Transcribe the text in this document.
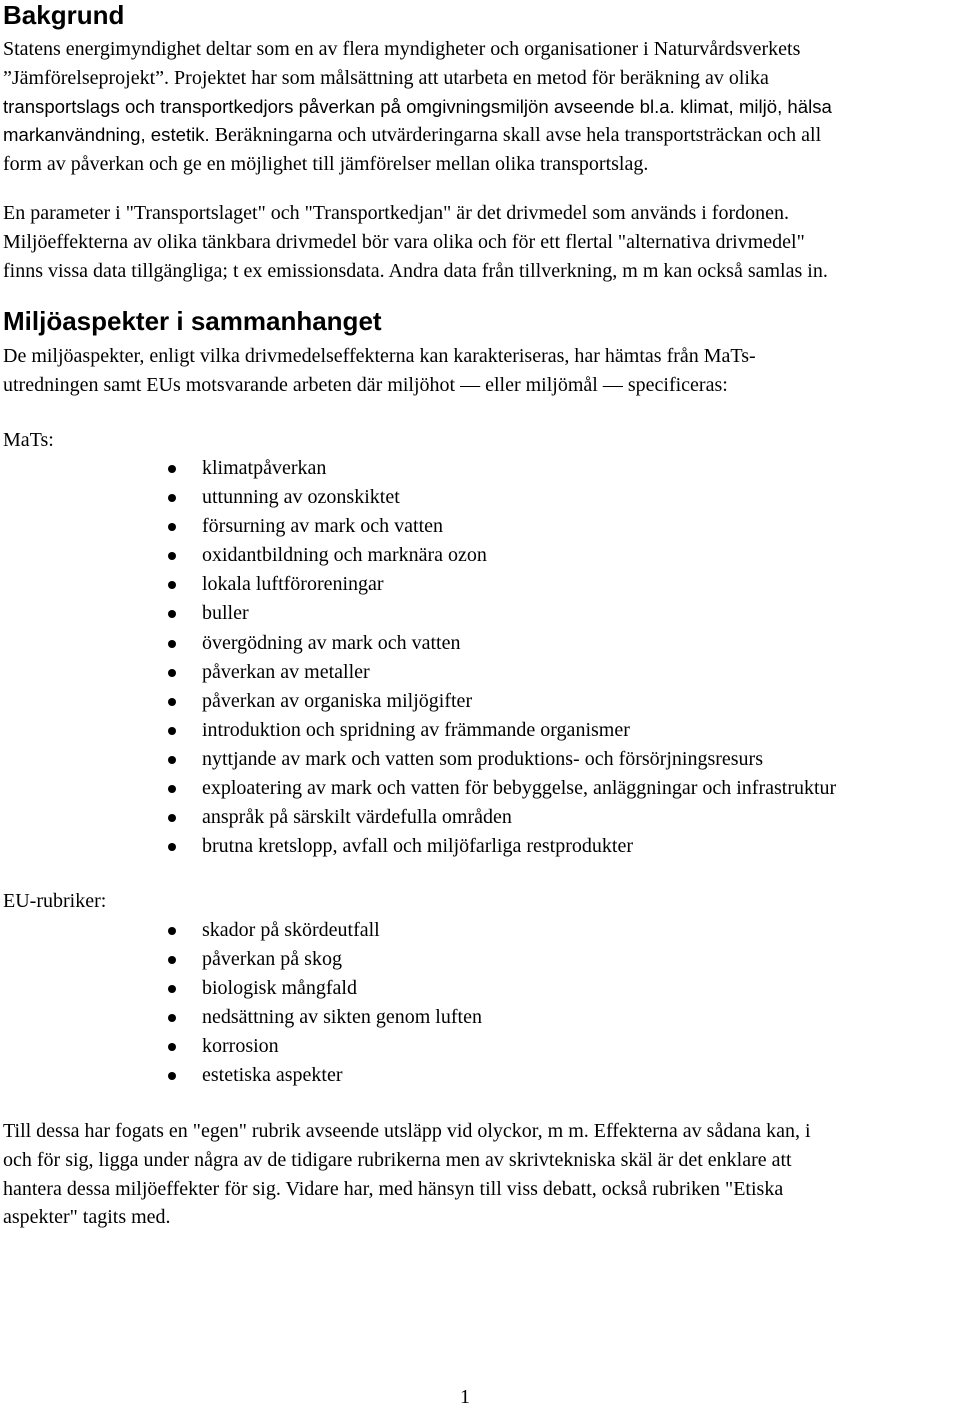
Bakgrund
Statens energimyndighet deltar som en av flera myndigheter och organisationer i Naturvårdsverkets
”Jämförelseprojekt”. Projektet har som målsättning att utarbeta en metod för beräkning av olika
transportslags och transportkedjors påverkan på omgivningsmiljön avseende bl.a. klimat, miljö, hälsa
markanvändning, estetik. Beräkningarna och utvärderingarna skall avse hela transportsträckan och all
form av påverkan och ge en möjlighet till jämförelser mellan olika transportslag.
En parameter i "Transportslaget" och "Transportkedjan" är det drivmedel som används i fordonen.
Miljöeffekterna av olika tänkbara drivmedel bör vara olika och för ett flertal "alternativa drivmedel"
finns vissa data tillgängliga; t ex emissionsdata. Andra data från tillverkning, m m kan också samlas in.
Miljöaspekter i sammanhanget
De miljöaspekter, enligt vilka drivmedelseffekterna kan karakteriseras, har hämtas från MaTs-
utredningen samt EUs motsvarande arbeten där miljöhot — eller miljömål — specificeras:
MaTs:
klimatpåverkan
uttunning av ozonskiktet
försurning av mark och vatten
oxidantbildning och marknära ozon
lokala luftföroreningar
buller
övergödning av mark och vatten
påverkan av metaller
påverkan av organiska miljögifter
introduktion och spridning av främmande organismer
nyttjande av mark och vatten som produktions- och försörjningsresurs
exploatering av mark och vatten för bebyggelse, anläggningar och infrastruktur
anspråk på särskilt värdefulla områden
brutna kretslopp, avfall och miljöfarliga restprodukter
EU-rubriker:
skador på skördeutfall
påverkan på skog
biologisk mångfald
nedsättning av sikten genom luften
korrosion
estetiska aspekter
Till dessa har fogats en "egen" rubrik avseende utsläpp vid olyckor, m m. Effekterna av sådana kan, i
och för sig, ligga under några av de tidigare rubrikerna men av skrivtekniska skäl är det enklare att
hantera dessa miljöeffekter för sig. Vidare har, med hänsyn till viss debatt, också rubriken "Etiska
aspekter" tagits med.
1
